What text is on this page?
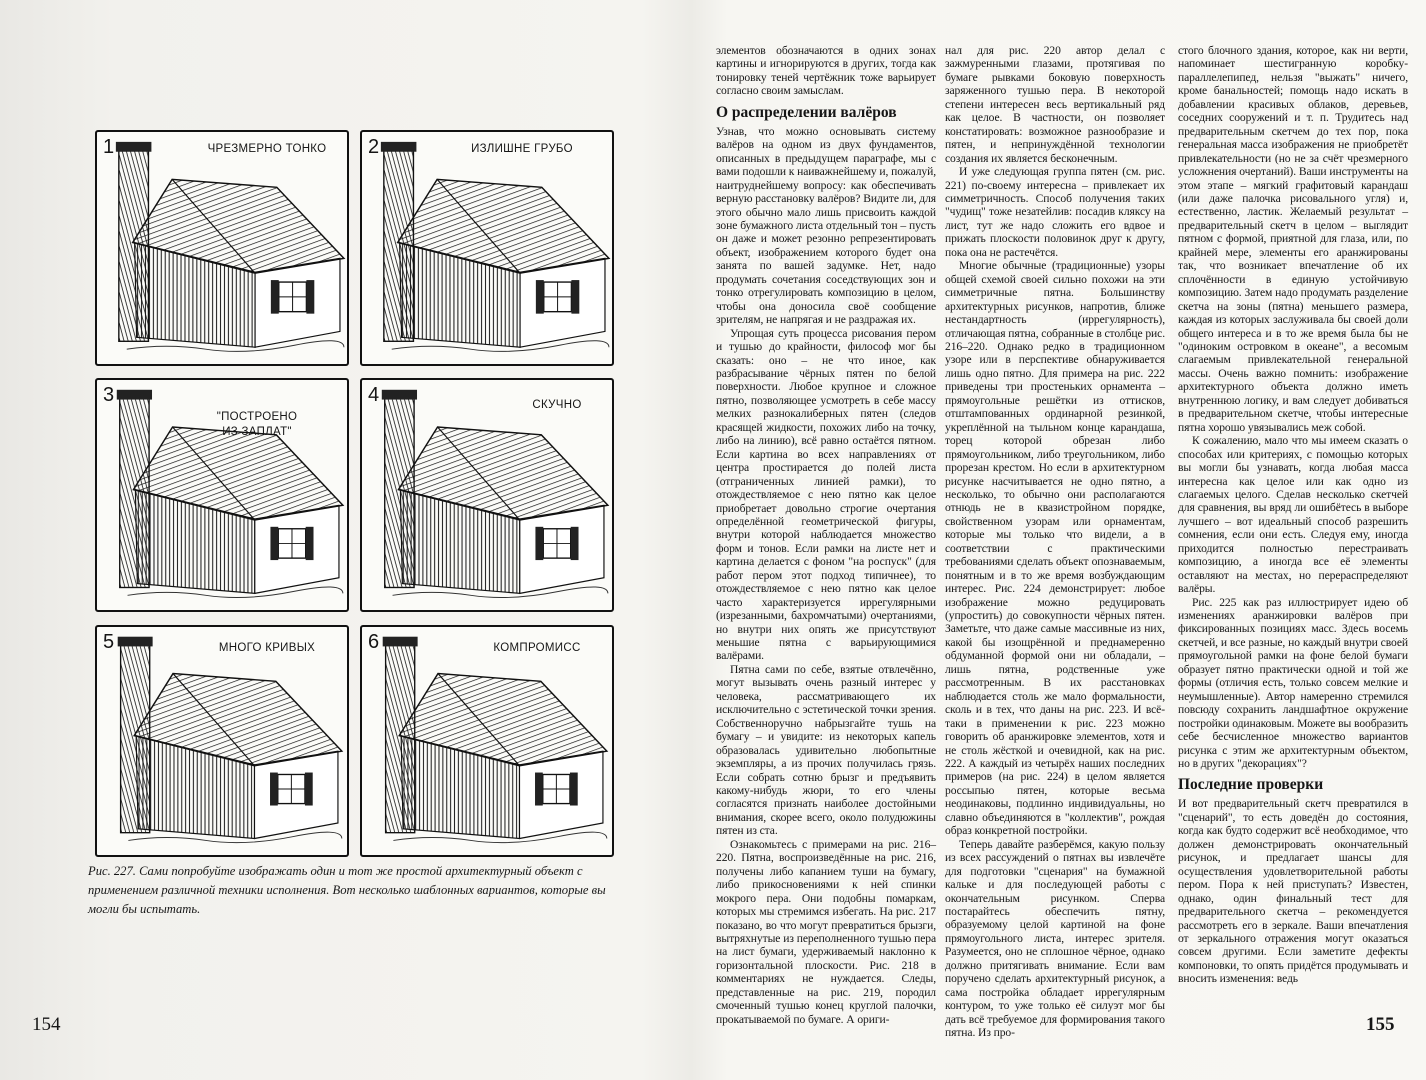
1	ЧРЕЗМЕРНО ТОНКО	2	ИЗЛИШНЕ ГРУБО
3
"ПОСТРОЕНО ИЗ ЗАПЛАТ"
4	СКУЧНО
5	МНОГО КРИВЫХ	6	КОМПРОМИСС
Рис. 227. Сами попробуйте изображать один и тот же простой архитектурный объект с применением различной техники исполнения. Вот несколько шаблонных вариантов, которые вы могли бы испытать.
154

элементов обозначаются в одних зонах картины и игнорируются в других, тогда как тонировку теней чертёжник тоже варьирует согласно своим замыслам.

О распределении валёров

Узнав, что можно основывать систему валёров на одном из двух фундаментов, описанных в предыдущем параграфе, мы с вами подошли к наиважнейшему и, пожалуй, наитруднейшему вопросу: как обеспечивать верную расстановку валёров? Видите ли, для этого обычно мало лишь присвоить каждой зоне бумажного листа отдельный тон – пусть он даже и может резонно репрезентировать объект, изображением которого будет она занята по вашей задумке. Нет, надо продумать сочетания соседствующих зон и тонко отрегулировать композицию в целом, чтобы она доносила своё сообщение зрителям, не напрягая и не раздражая их.

Упрощая суть процесса рисования пером и тушью до крайности, философ мог бы сказать: оно – не что иное, как разбрасывание чёрных пятен по белой поверхности. Любое крупное и сложное пятно, позволяющее усмотреть в себе массу мелких разнокалиберных пятен (следов красящей жидкости, похожих либо на точку, либо на линию), всё равно остаётся пятном. Если картина во всех направлениях от центра простирается до полей листа (отграниченных линией рамки), то отождествляемое с нею пятно как целое приобретает довольно строгие очертания определённой геометрической фигуры, внутри которой наблюдается множество форм и тонов. Если рамки на листе нет и картина делается с фоном "на роспуск" (для работ пером этот подход типичнее), то отождествляемое с нею пятно как целое часто характеризуется иррегулярными (изрезанными, бахромчатыми) очертаниями, но внутри них опять же присутствуют меньшие пятна с варьирующимися валёрами.

Пятна сами по себе, взятые отвлечённо, могут вызывать очень разный интерес у человека, рассматривающего их исключительно с эстетической точки зрения. Собственноручно набрызгайте тушь на бумагу – и увидите: из некоторых капель образовалась удивительно любопытные экземпляры, а из прочих получилась грязь. Если собрать сотню брызг и предъявить какому-нибудь жюри, то его члены согласятся признать наиболее достойными внимания, скорее всего, около полудюжины пятен из ста.

Ознакомьтесь с примерами на рис. 216–220. Пятна, воспроизведённые на рис. 216, получены либо капанием туши на бумагу, либо прикосновениями к ней спинки мокрого пера. Они подобны помаркам, которых мы стремимся избегать. На рис. 217 показано, во что могут превратиться брызги, вытряхнутые из переполненного тушью пера на лист бумаги, удерживаемый наклонно к горизонтальной плоскости. Рис. 218 в комментариях не нуждается. Следы, представленные на рис. 219, породил смоченный тушью конец круглой палочки, прокатываемой по бумаге. А ориги-

нал для рис. 220 автор делал с зажмуренными глазами, протягивая по бумаге рывками боковую поверхность заряженного тушью пера. В некоторой степени интересен весь вертикальный ряд как целое. В частности, он позволяет констатировать: возможное разнообразие и пятен, и непринуждённой технологии создания их является бесконечным.

И уже следующая группа пятен (см. рис. 221) по-своему интересна – привлекает их симметричность. Способ получения таких "чудищ" тоже незатейлив: посадив кляксу на лист, тут же надо сложить его вдвое и прижать плоскости половинок друг к другу, пока она не растечётся.

Многие обычные (традиционные) узоры общей схемой своей сильно похожи на эти симметричные пятна. Большинству архитектурных рисунков, напротив, ближе нестандартность (иррегулярность), отличающая пятна, собранные в столбце рис. 216–220. Однако редко в традиционном узоре или в перспективе обнаруживается лишь одно пятно. Для примера на рис. 222 приведены три простеньких орнамента – прямоугольные решётки из оттисков, отштампованных ординарной резинкой, укреплённой на тыльном конце карандаша, торец которой обрезан либо прямоугольником, либо треугольником, либо прорезан крестом. Но если в архитектурном рисунке насчитывается не одно пятно, а несколько, то обычно они располагаются отнюдь не в квазистройном порядке, свойственном узорам или орнаментам, которые мы только что видели, а в соответствии с практическими требованиями сделать объект опознаваемым, понятным и в то же время возбуждающим интерес. Рис. 224 демонстрирует: любое изображение можно редуцировать (упростить) до совокупности чёрных пятен. Заметьте, что даже самые массивные из них, какой бы изощрённой и преднамеренно обдуманной формой они ни обладали, – лишь пятна, родственные уже рассмотренным. В их расстановках наблюдается столь же мало формальности, сколь и в тех, что даны на рис. 223. И всё-таки в применении к рис. 223 можно говорить об аранжировке элементов, хотя и не столь жёсткой и очевидной, как на рис. 222. А каждый из четырёх наших последних примеров (на рис. 224) в целом является россыпью пятен, которые весьма неодинаковы, подлинно индивидуальны, но славно объединяются в "коллектив", рождая образ конкретной постройки.

Теперь давайте разберёмся, какую пользу из всех рассуждений о пятнах вы извлечёте для подготовки "сценария" на бумажной кальке и для последующей работы с окончательным рисунком. Сперва постарайтесь обеспечить пятну, образуемому целой картиной на фоне прямоугольного листа, интерес зрителя. Разумеется, оно не сплошное чёрное, однако должно притягивать внимание. Если вам поручено сделать архитектурный рисунок, а сама постройка обладает иррегулярным контуром, то уже только её силуэт мог бы дать всё требуемое для формирования такого пятна. Из про-

стого блочного здания, которое, как ни верти, напоминает шестигранную коробку-параллелепипед, нельзя "выжать" ничего, кроме банальностей; помощь надо искать в добавлении красивых облаков, деревьев, соседних сооружений и т. п. Трудитесь над предварительным скетчем до тех пор, пока генеральная масса изображения не приобретёт привлекательности (но не за счёт чрезмерного усложнения очертаний). Ваши инструменты на этом этапе – мягкий графитовый карандаш (или даже палочка рисовального угля) и, естественно, ластик. Желаемый результат – предварительный скетч в целом – выглядит пятном с формой, приятной для глаза, или, по крайней мере, элементы его аранжированы так, что возникает впечатление об их сплочённости в единую устойчивую композицию. Затем надо продумать разделение скетча на зоны (пятна) меньшего размера, каждая из которых заслуживала бы своей доли общего интереса и в то же время была бы не "одиноким островком в океане", а весомым слагаемым привлекательной генеральной массы. Очень важно помнить: изображение архитектурного объекта должно иметь внутреннюю логику, и вам следует добиваться в предварительном скетче, чтобы интересные пятна хорошо увязывались меж собой.

К сожалению, мало что мы имеем сказать о способах или критериях, с помощью которых вы могли бы узнавать, когда любая масса интересна как целое или как одно из слагаемых целого. Сделав несколько скетчей для сравнения, вы вряд ли ошибётесь в выборе лучшего – вот идеальный способ разрешить сомнения, если они есть. Следуя ему, иногда приходится полностью перестраивать композицию, а иногда все её элементы оставляют на местах, но перераспределяют валёры.

Рис. 225 как раз иллюстрирует идею об изменениях аранжировки валёров при фиксированных позициях масс. Здесь восемь скетчей, и все разные, но каждый внутри своей прямоугольной рамки на фоне белой бумаги образует пятно практически одной и той же формы (отличия есть, только совсем мелкие и неумышленные). Автор намеренно стремился повсюду сохранить ландшафтное окружение постройки одинаковым. Можете вы вообразить себе бесчисленное множество вариантов рисунка с этим же архитектурным объектом, но в других "декорациях"?

Последние проверки

И вот предварительный скетч превратился в "сценарий", то есть доведён до состояния, когда как будто содержит всё необходимое, что должен демонстрировать окончательный рисунок, и предлагает шансы для осуществления удовлетворительной работы пером. Пора к ней приступать? Известен, однако, один финальный тест для предварительного скетча – рекомендуется рассмотреть его в зеркале. Ваши впечатления от зеркального отражения могут оказаться совсем другими. Если заметите дефекты компоновки, то опять придётся продумывать и вносить изменения: ведь

155
